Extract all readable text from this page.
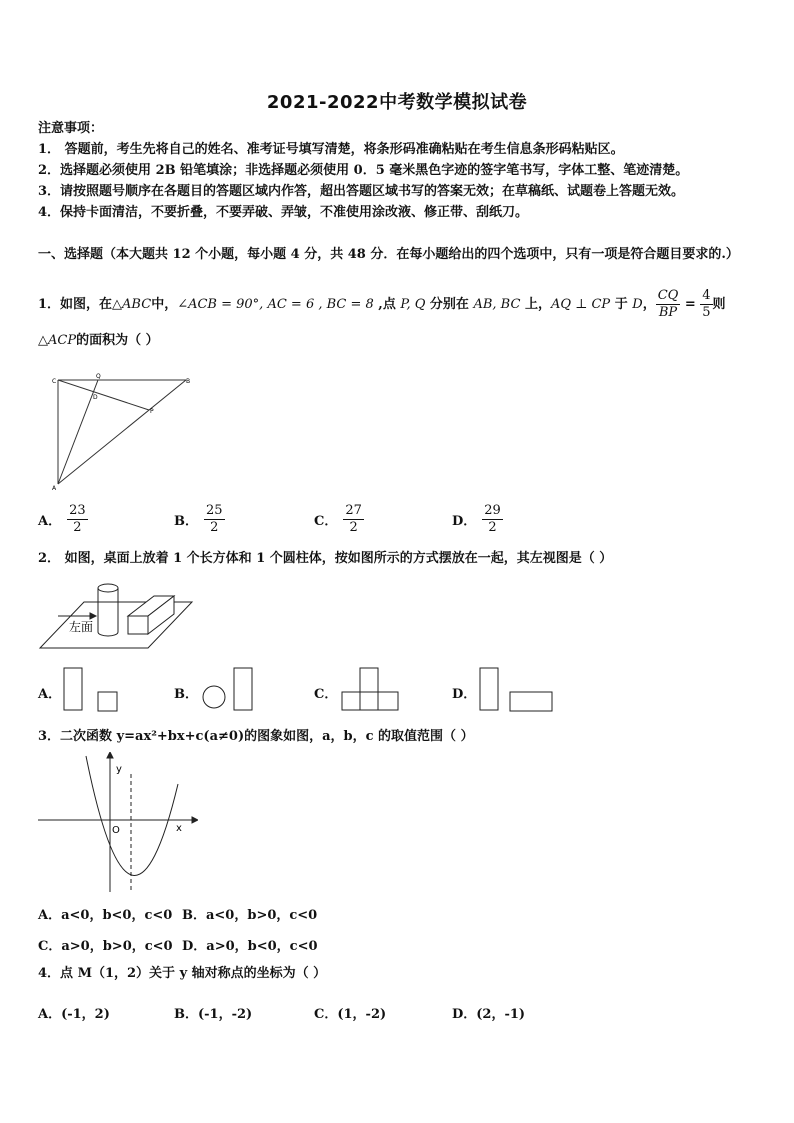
2021-2022中考数学模拟试卷
注意事项：
1． 答题前，考生先将自己的姓名、准考证号填写清楚，将条形码准确粘贴在考生信息条形码粘贴区。
2．选择题必须使用 2B 铅笔填涂；非选择题必须使用 0．5 毫米黑色字迹的签字笔书写，字体工整、笔迹清楚。
3．请按照题号顺序在各题目的答题区域内作答，超出答题区域书写的答案无效；在草稿纸、试题卷上答题无效。
4．保持卡面清洁，不要折叠，不要弄破、弄皱，不准使用涂改液、修正带、刮纸刀。
一、选择题（本大题共 12 个小题，每小题 4 分，共 48 分．在每小题给出的四个选项中，只有一项是符合题目要求的.）
1．如图，在△ABC中，∠ACB = 90°, AC = 6 , BC = 8 ,点 P, Q 分别在 AB, BC 上，AQ ⊥ CP 于 D， $\frac{CQ}{BP} = \frac{4}{5}$ 则
△ACP的面积为（ ）
C
Q
B
D
P
A
A． $\frac{23}{2}$	B． $\frac{25}{2}$	C． $\frac{27}{2}$	D． $\frac{29}{2}$
2． 如图，桌面上放着 1 个长方体和 1 个圆柱体，按如图所示的方式摆放在一起，其左视图是（ ）
左面
A．	B．	C．	D．
3．二次函数 y=ax²+bx+c(a≠0)的图象如图，a，b，c 的取值范围（ ）
y
x
O
A．a<0，b<0，c<0 B．a<0，b>0，c<0
C．a>0，b>0，c<0 D．a>0，b<0，c<0
4．点 M（1，2）关于 y 轴对称点的坐标为（ ）
A．(-1，2)	B．(-1，-2)	C．(1，-2)	D．(2，-1)
